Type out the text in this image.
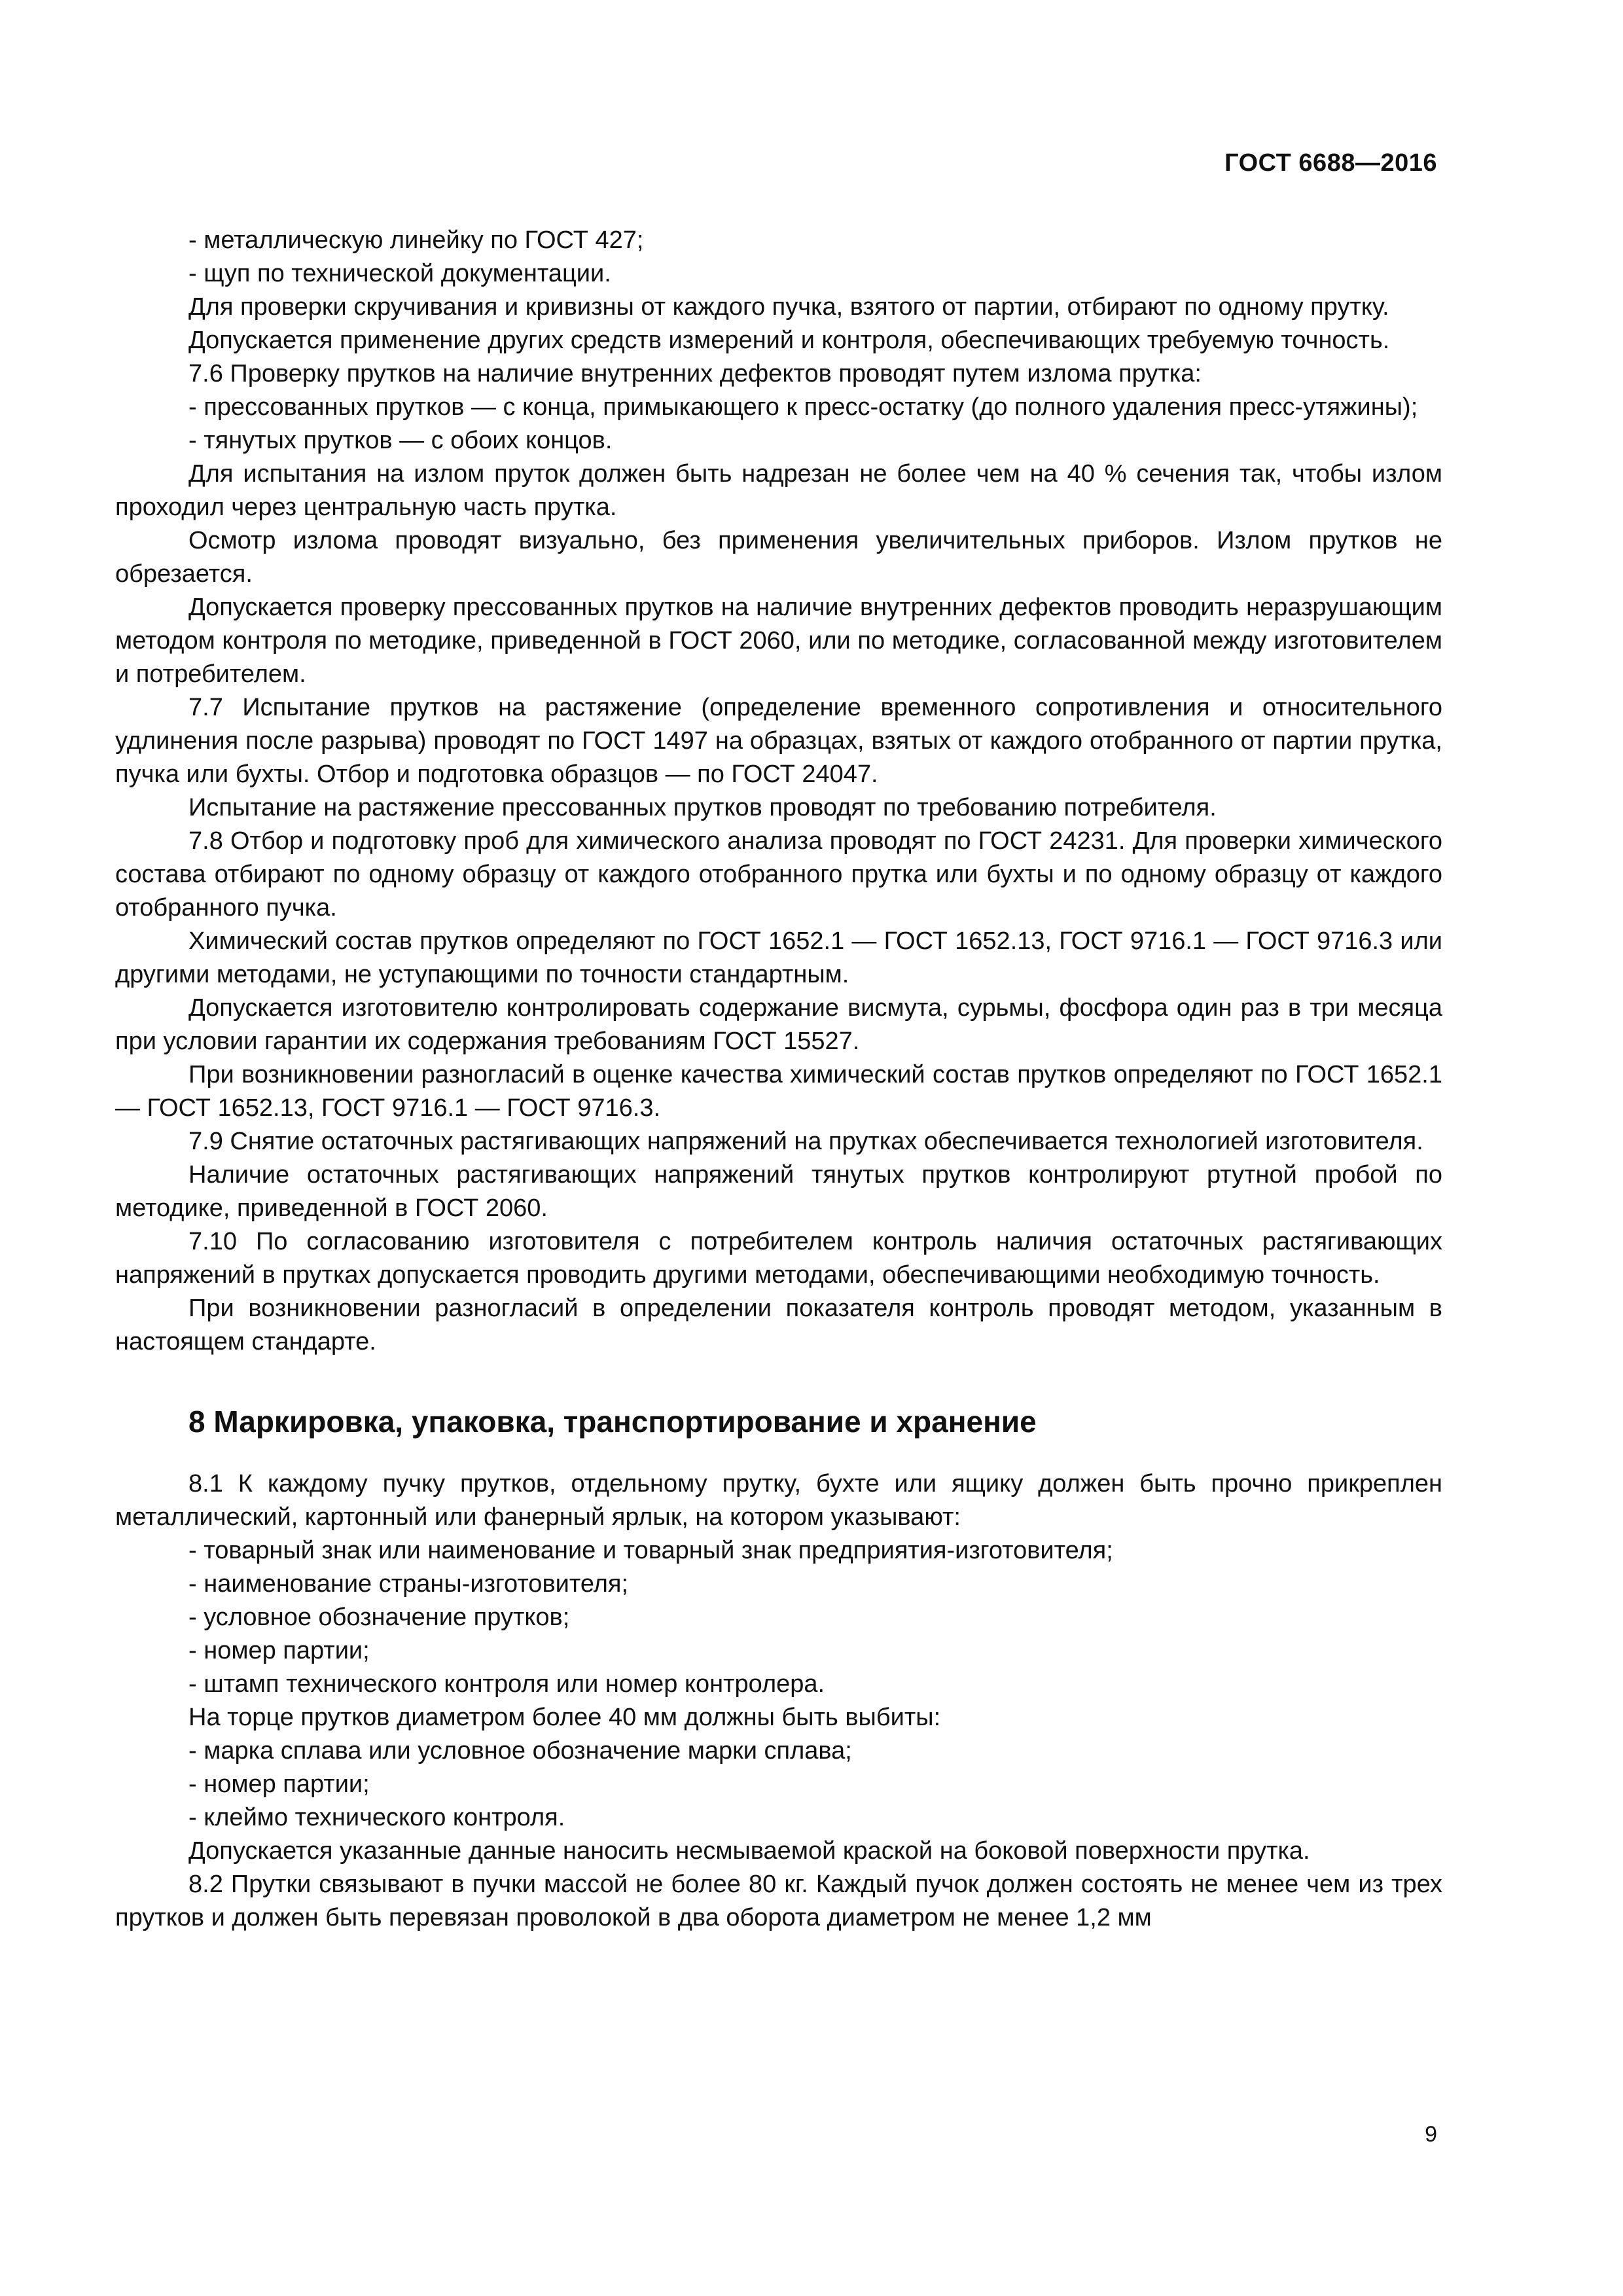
ГОСТ 6688—2016

- металлическую линейку по ГОСТ 427;

- щуп по технической документации.

Для проверки скручивания и кривизны от каждого пучка, взятого от партии, отбирают по одному прутку.

Допускается применение других средств измерений и контроля, обеспечивающих требуемую точность.

7.6 Проверку прутков на наличие внутренних дефектов проводят путем излома прутка:

- прессованных прутков — с конца, примыкающего к пресс-остатку (до полного удаления пресс-утяжины);

- тянутых прутков — с обоих концов.

Для испытания на излом пруток должен быть надрезан не более чем на 40 % сечения так, чтобы излом проходил через центральную часть прутка.

Осмотр излома проводят визуально, без применения увеличительных приборов. Излом прутков не обрезается.

Допускается проверку прессованных прутков на наличие внутренних дефектов проводить неразрушающим методом контроля по методике, приведенной в ГОСТ 2060, или по методике, согласованной между изготовителем и потребителем.

7.7 Испытание прутков на растяжение (определение временного сопротивления и относительного удлинения после разрыва) проводят по ГОСТ 1497 на образцах, взятых от каждого отобранного от партии прутка, пучка или бухты. Отбор и подготовка образцов — по ГОСТ 24047.

Испытание на растяжение прессованных прутков проводят по требованию потребителя.

7.8 Отбор и подготовку проб для химического анализа проводят по ГОСТ 24231. Для проверки химического состава отбирают по одному образцу от каждого отобранного прутка или бухты и по одному образцу от каждого отобранного пучка.

Химический состав прутков определяют по ГОСТ 1652.1 — ГОСТ 1652.13, ГОСТ 9716.1 — ГОСТ 9716.3 или другими методами, не уступающими по точности стандартным.

Допускается изготовителю контролировать содержание висмута, сурьмы, фосфора один раз в три месяца при условии гарантии их содержания требованиям ГОСТ 15527.

При возникновении разногласий в оценке качества химический состав прутков определяют по ГОСТ 1652.1 — ГОСТ 1652.13, ГОСТ 9716.1 — ГОСТ 9716.3.

7.9 Снятие остаточных растягивающих напряжений на прутках обеспечивается технологией изготовителя.

Наличие остаточных растягивающих напряжений тянутых прутков контролируют ртутной пробой по методике, приведенной в ГОСТ 2060.

7.10 По согласованию изготовителя с потребителем контроль наличия остаточных растягивающих напряжений в прутках допускается проводить другими методами, обеспечивающими необходимую точность.

При возникновении разногласий в определении показателя контроль проводят методом, указанным в настоящем стандарте.

8 Маркировка, упаковка, транспортирование и хранение

8.1 К каждому пучку прутков, отдельному прутку, бухте или ящику должен быть прочно прикреплен металлический, картонный или фанерный ярлык, на котором указывают:

- товарный знак или наименование и товарный знак предприятия-изготовителя;

- наименование страны-изготовителя;

- условное обозначение прутков;

- номер партии;

- штамп технического контроля или номер контролера.

На торце прутков диаметром более 40 мм должны быть выбиты:

- марка сплава или условное обозначение марки сплава;

- номер партии;

- клеймо технического контроля.

Допускается указанные данные наносить несмываемой краской на боковой поверхности прутка.

8.2 Прутки связывают в пучки массой не более 80 кг. Каждый пучок должен состоять не менее чем из трех прутков и должен быть перевязан проволокой в два оборота диаметром не менее 1,2 мм

9
